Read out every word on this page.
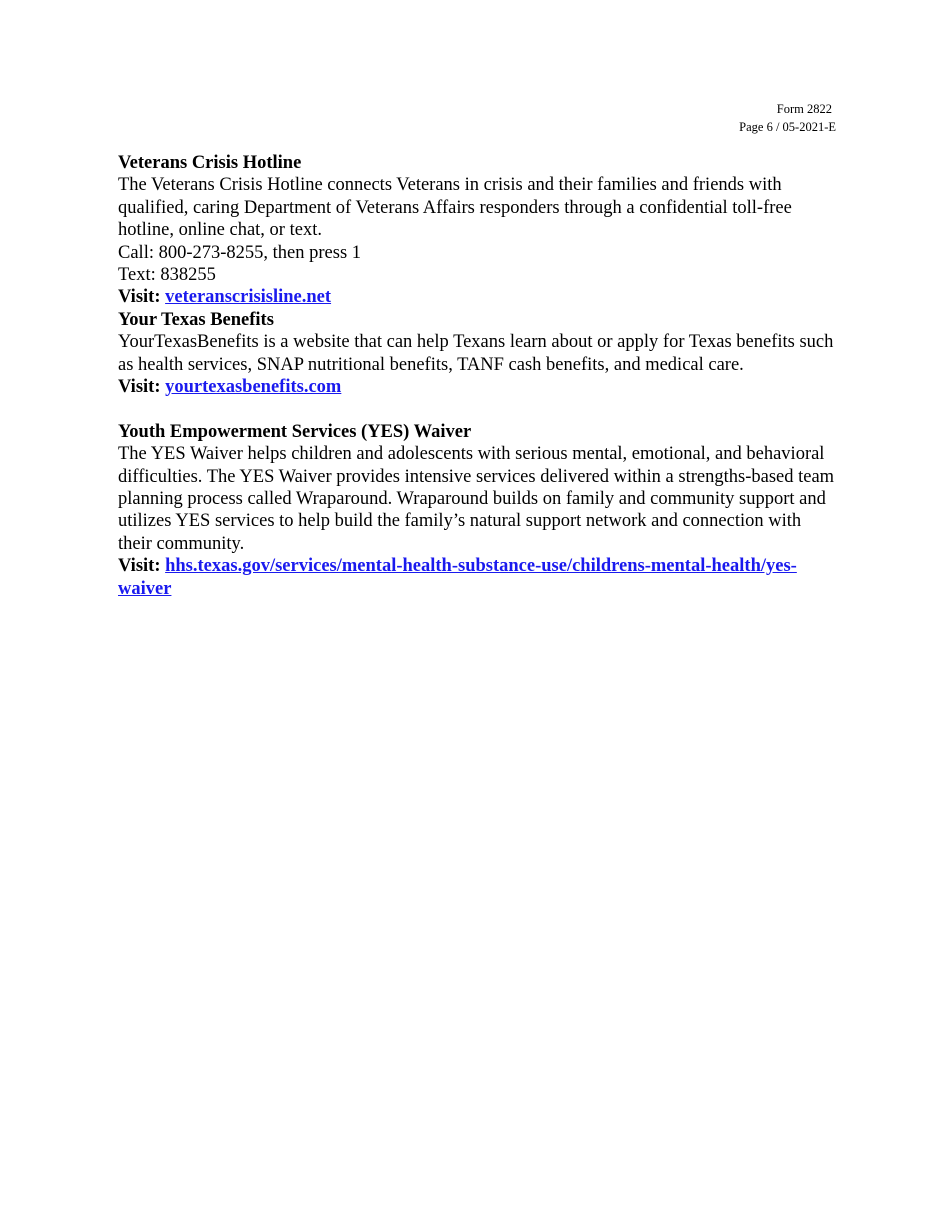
Form 2822
Page 6 / 05-2021-E

Veterans Crisis Hotline

The Veterans Crisis Hotline connects Veterans in crisis and their families and friends with qualified, caring Department of Veterans Affairs responders through a confidential toll-free hotline, online chat, or text.

Call: 800-273-8255, then press 1

Text: 838255

Visit: veteranscrisisline.net

Your Texas Benefits

YourTexasBenefits is a website that can help Texans learn about or apply for Texas benefits such as health services, SNAP nutritional benefits, TANF cash benefits, and medical care.

Visit: yourtexasbenefits.com

Youth Empowerment Services (YES) Waiver

The YES Waiver helps children and adolescents with serious mental, emotional, and behavioral difficulties. The YES Waiver provides intensive services delivered within a strengths-based team planning process called Wraparound. Wraparound builds on family and community support and utilizes YES services to help build the family’s natural support network and connection with their community.

Visit: hhs.texas.gov/services/mental-health-substance-use/childrens-mental-health/yes-waiver
